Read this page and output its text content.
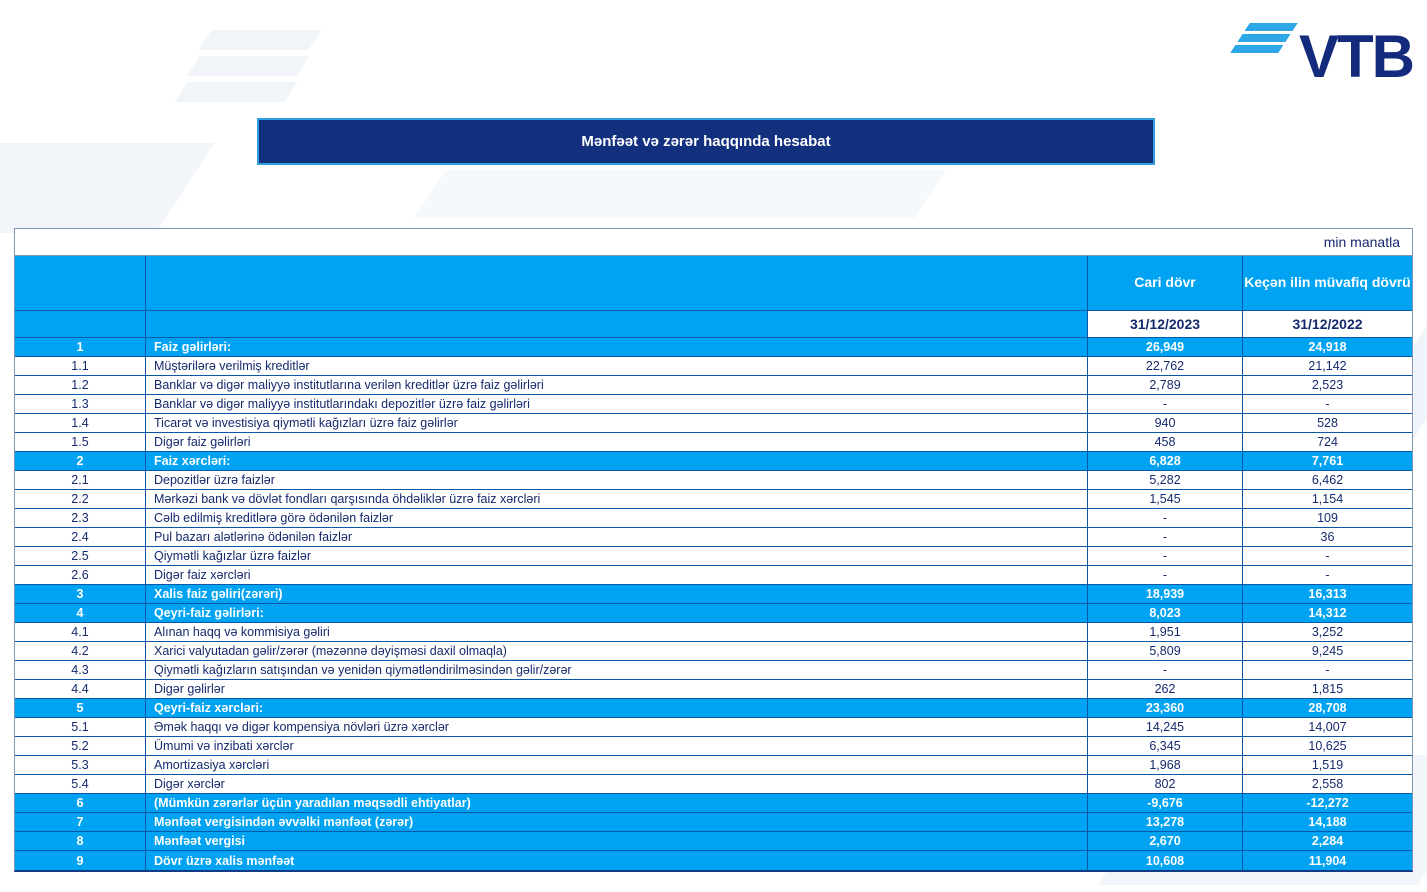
VTB
Mənfəət və zərər haqqında hesabat
min manatla
Cari dövr	Keçən ilin müvafiq dövrü
31/12/2023	31/12/2022
1	Faiz gəlirləri:	26,949	24,918
1.1	Müştərilərə verilmiş kreditlər	22,762	21,142
1.2	Banklar və digər maliyyə institutlarına verilən kreditlər üzrə faiz gəlirləri	2,789	2,523
1.3	Banklar və digər maliyyə institutlarındakı depozitlər üzrə faiz gəlirləri	-	-
1.4	Ticarət və investisiya qiymətli kağızları üzrə faiz gəlirlər	940	528
1.5	Digər faiz gəlirləri	458	724
2	Faiz xərcləri:	6,828	7,761
2.1	Depozitlər üzrə faizlər	5,282	6,462
2.2	Mərkəzi bank və dövlət fondları qarşısında öhdəliklər üzrə faiz xərcləri	1,545	1,154
2.3	Cəlb edilmiş kreditlərə görə ödənilən faizlər	-	109
2.4	Pul bazarı alətlərinə ödənilən faizlər	-	36
2.5	Qiymətli kağızlar üzrə faizlər	-	-
2.6	Digər faiz xərcləri	-	-
3	Xalis faiz gəliri(zərəri)	18,939	16,313
4	Qeyri-faiz gəlirləri:	8,023	14,312
4.1	Alınan haqq və kommisiya gəliri	1,951	3,252
4.2	Xarici valyutadan gəlir/zərər (məzənnə dəyişməsi daxil olmaqla)	5,809	9,245
4.3	Qiymətli kağızların satışından və yenidən qiymətləndirilməsindən gəlir/zərər	-	-
4.4	Digər gəlirlər	262	1,815
5	Qeyri-faiz xərcləri:	23,360	28,708
5.1	Əmək haqqı və digər kompensiya növləri üzrə xərclər	14,245	14,007
5.2	Ümumi və inzibati xərclər	6,345	10,625
5.3	Amortizasiya xərcləri	1,968	1,519
5.4	Digər xərclər	802	2,558
6	(Mümkün zərərlər üçün yaradılan məqsədli ehtiyatlar)	-9,676	-12,272
7	Mənfəət vergisindən əvvəlki mənfəət (zərər)	13,278	14,188
8	Mənfəət vergisi	2,670	2,284
9	Dövr üzrə xalis mənfəət	10,608	11,904
